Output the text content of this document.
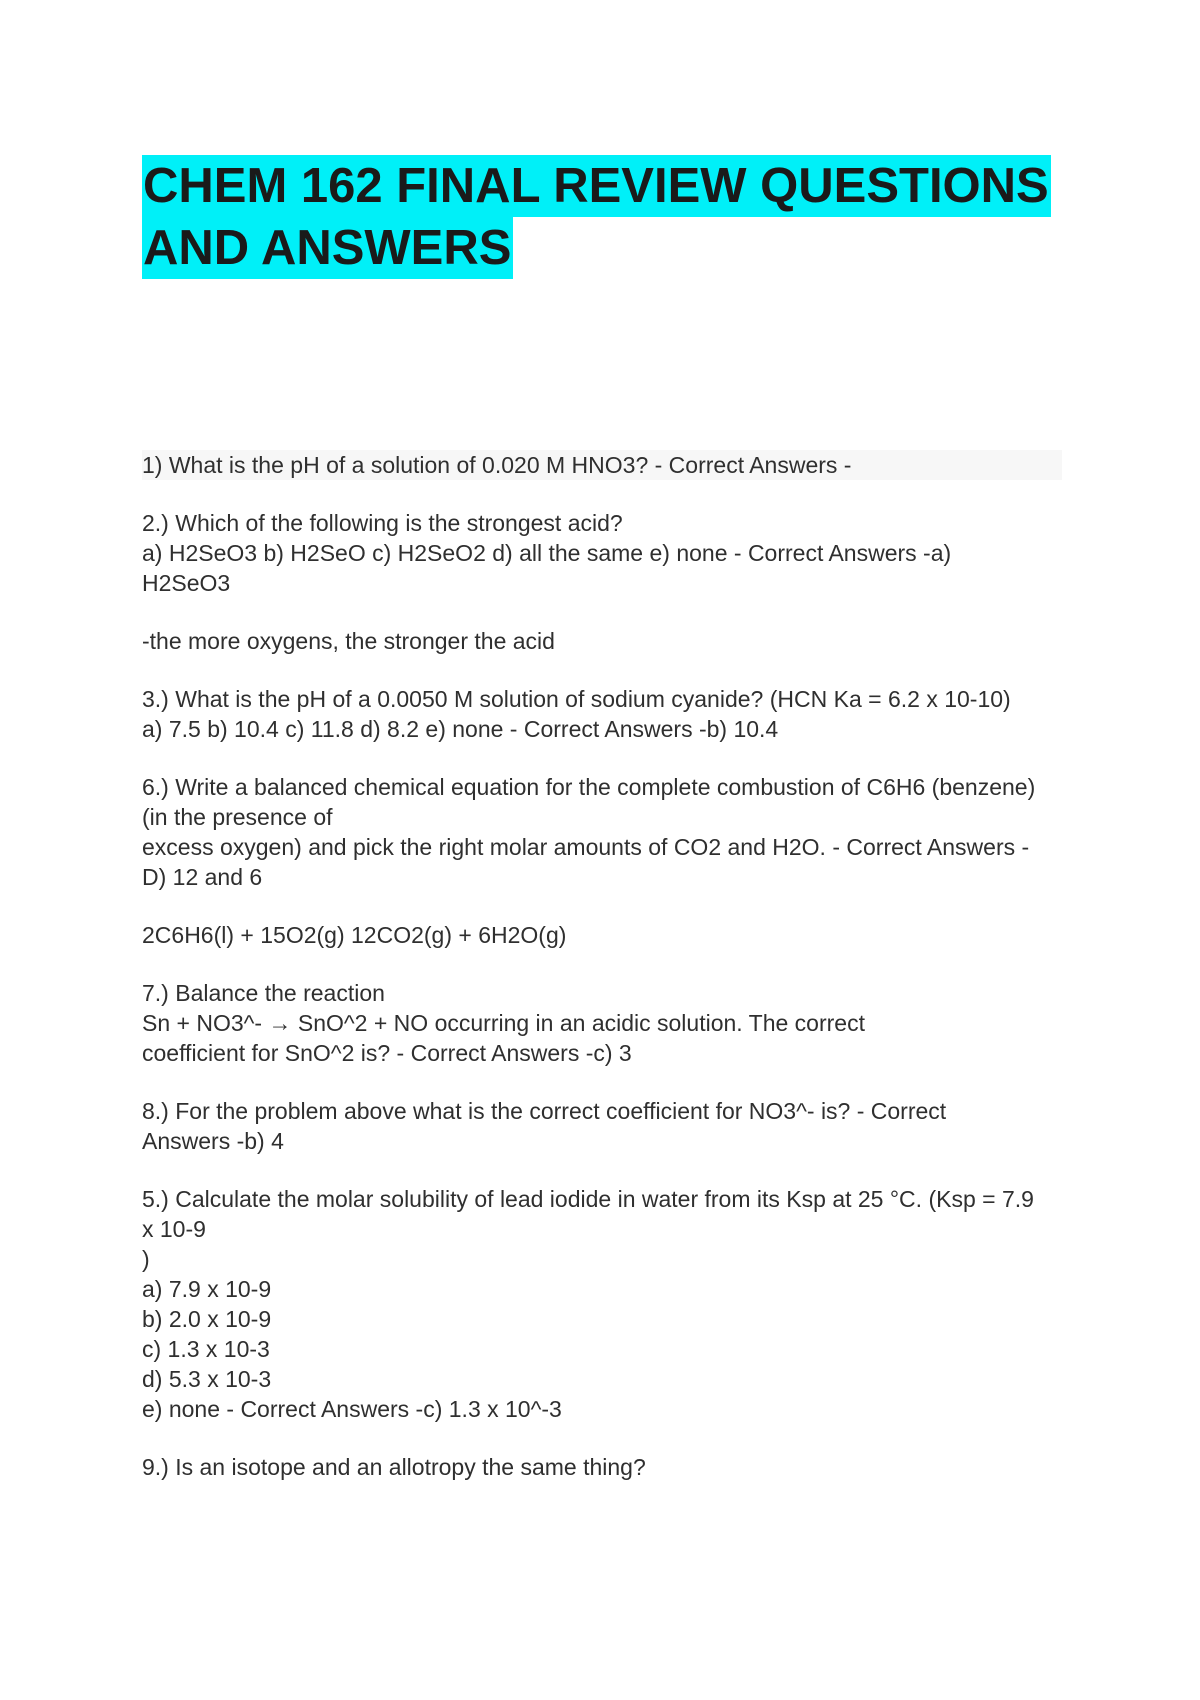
CHEM 162 FINAL REVIEW QUESTIONS
AND ANSWERS
1) What is the pH of a solution of 0.020 M HNO3? - Correct Answers -
2.) Which of the following is the strongest acid?
a) H2SeO3 b) H2SeO c) H2SeO2 d) all the same e) none - Correct Answers -a)
H2SeO3
-the more oxygens, the stronger the acid
3.) What is the pH of a 0.0050 M solution of sodium cyanide? (HCN Ka = 6.2 x 10-10)
a) 7.5 b) 10.4 c) 11.8 d) 8.2 e) none - Correct Answers -b) 10.4
6.) Write a balanced chemical equation for the complete combustion of C6H6 (benzene)
(in the presence of
excess oxygen) and pick the right molar amounts of CO2 and H2O. - Correct Answers -
D) 12 and 6
2C6H6(l) + 15O2(g) 12CO2(g) + 6H2O(g)
7.) Balance the reaction
Sn + NO3^- → SnO^2 + NO occurring in an acidic solution. The correct
coefficient for SnO^2 is? - Correct Answers -c) 3
8.) For the problem above what is the correct coefficient for NO3^- is? - Correct
Answers -b) 4
5.) Calculate the molar solubility of lead iodide in water from its Ksp at 25 °C. (Ksp = 7.9
x 10-9
)
a) 7.9 x 10-9
b) 2.0 x 10-9
c) 1.3 x 10-3
d) 5.3 x 10-3
e) none - Correct Answers -c) 1.3 x 10^-3
9.) Is an isotope and an allotropy the same thing?
